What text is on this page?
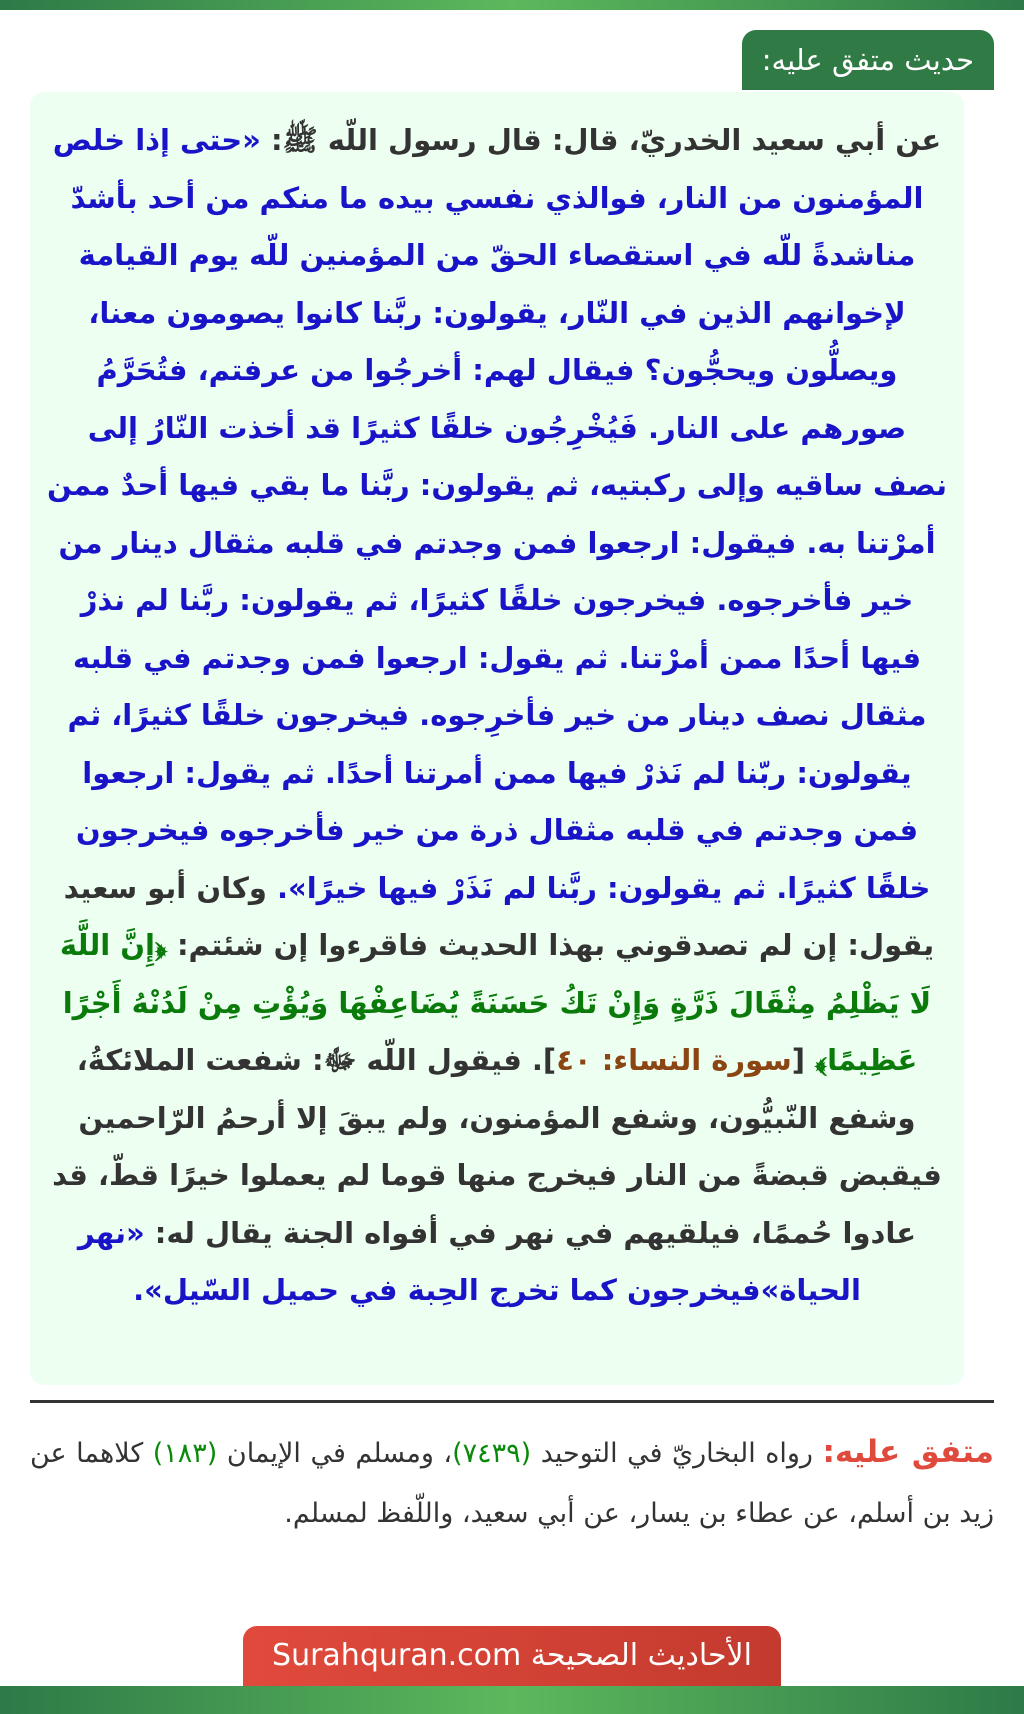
حديث متفق عليه:

عن أبي سعيد الخدريّ، قال: قال رسول اللّه ﷺ: «حتى إذا خلص المؤمنون من النار، فوالذي نفسي بيده ما منكم من أحد بأشدّ مناشدةً للّه في استقصاء الحقّ من المؤمنين للّه يوم القيامة لإخوانهم الذين في النّار، يقولون: ربَّنا كانوا يصومون معنا، ويصلُّون ويحجُّون؟ فيقال لهم: أخرجُوا من عرفتم، فتُحَرَّمُ صورهم على النار. فَيُخْرِجُون خلقًا كثيرًا قد أخذت النّارُ إلى نصف ساقيه وإلى ركبتيه، ثم يقولون: ربَّنا ما بقي فيها أحدٌ ممن أمرْتنا به. فيقول: ارجعوا فمن وجدتم في قلبه مثقال دينار من خير فأخرجوه. فيخرجون خلقًا كثيرًا، ثم يقولون: ربَّنا لم نذرْ فيها أحدًا ممن أمرْتنا. ثم يقول: ارجعوا فمن وجدتم في قلبه مثقال نصف دينار من خير فأخرِجوه. فيخرجون خلقًا كثيرًا، ثم يقولون: ربّنا لم نَذرْ فيها ممن أمرتنا أحدًا. ثم يقول: ارجعوا فمن وجدتم في قلبه مثقال ذرة من خير فأخرجوه فيخرجون خلقًا كثيرًا. ثم يقولون: ربَّنا لم نَذَرْ فيها خيرًا». وكان أبو سعيد يقول: إن لم تصدقوني بهذا الحديث فاقرءوا إن شئتم: ﴿إِنَّ اللَّهَ لَا يَظْلِمُ مِثْقَالَ ذَرَّةٍ وَإِنْ تَكُ حَسَنَةً يُضَاعِفْهَا وَيُؤْتِ مِنْ لَدُنْهُ أَجْرًا عَظِيمًا﴾ [سورة النساء: ٤٠]. فيقول اللّه ﷻ: شفعت الملائكةُ، وشفع النّبيُّون، وشفع المؤمنون، ولم يبقَ إلا أرحمُ الرّاحمين فيقبض قبضةً من النار فيخرج منها قوما لم يعملوا خيرًا قطّ، قد عادوا حُممًا، فيلقيهم في نهر في أفواه الجنة يقال له: «نهر الحياة»فيخرجون كما تخرج الحِبة في حميل السّيل».

متفق عليه: رواه البخاريّ في التوحيد (٧٤٣٩)، ومسلم في الإيمان (١٨٣) كلاهما عن زيد بن أسلم، عن عطاء بن يسار، عن أبي سعيد، واللّفظ لمسلم.

الأحاديث الصحيحة Surahquran.com
